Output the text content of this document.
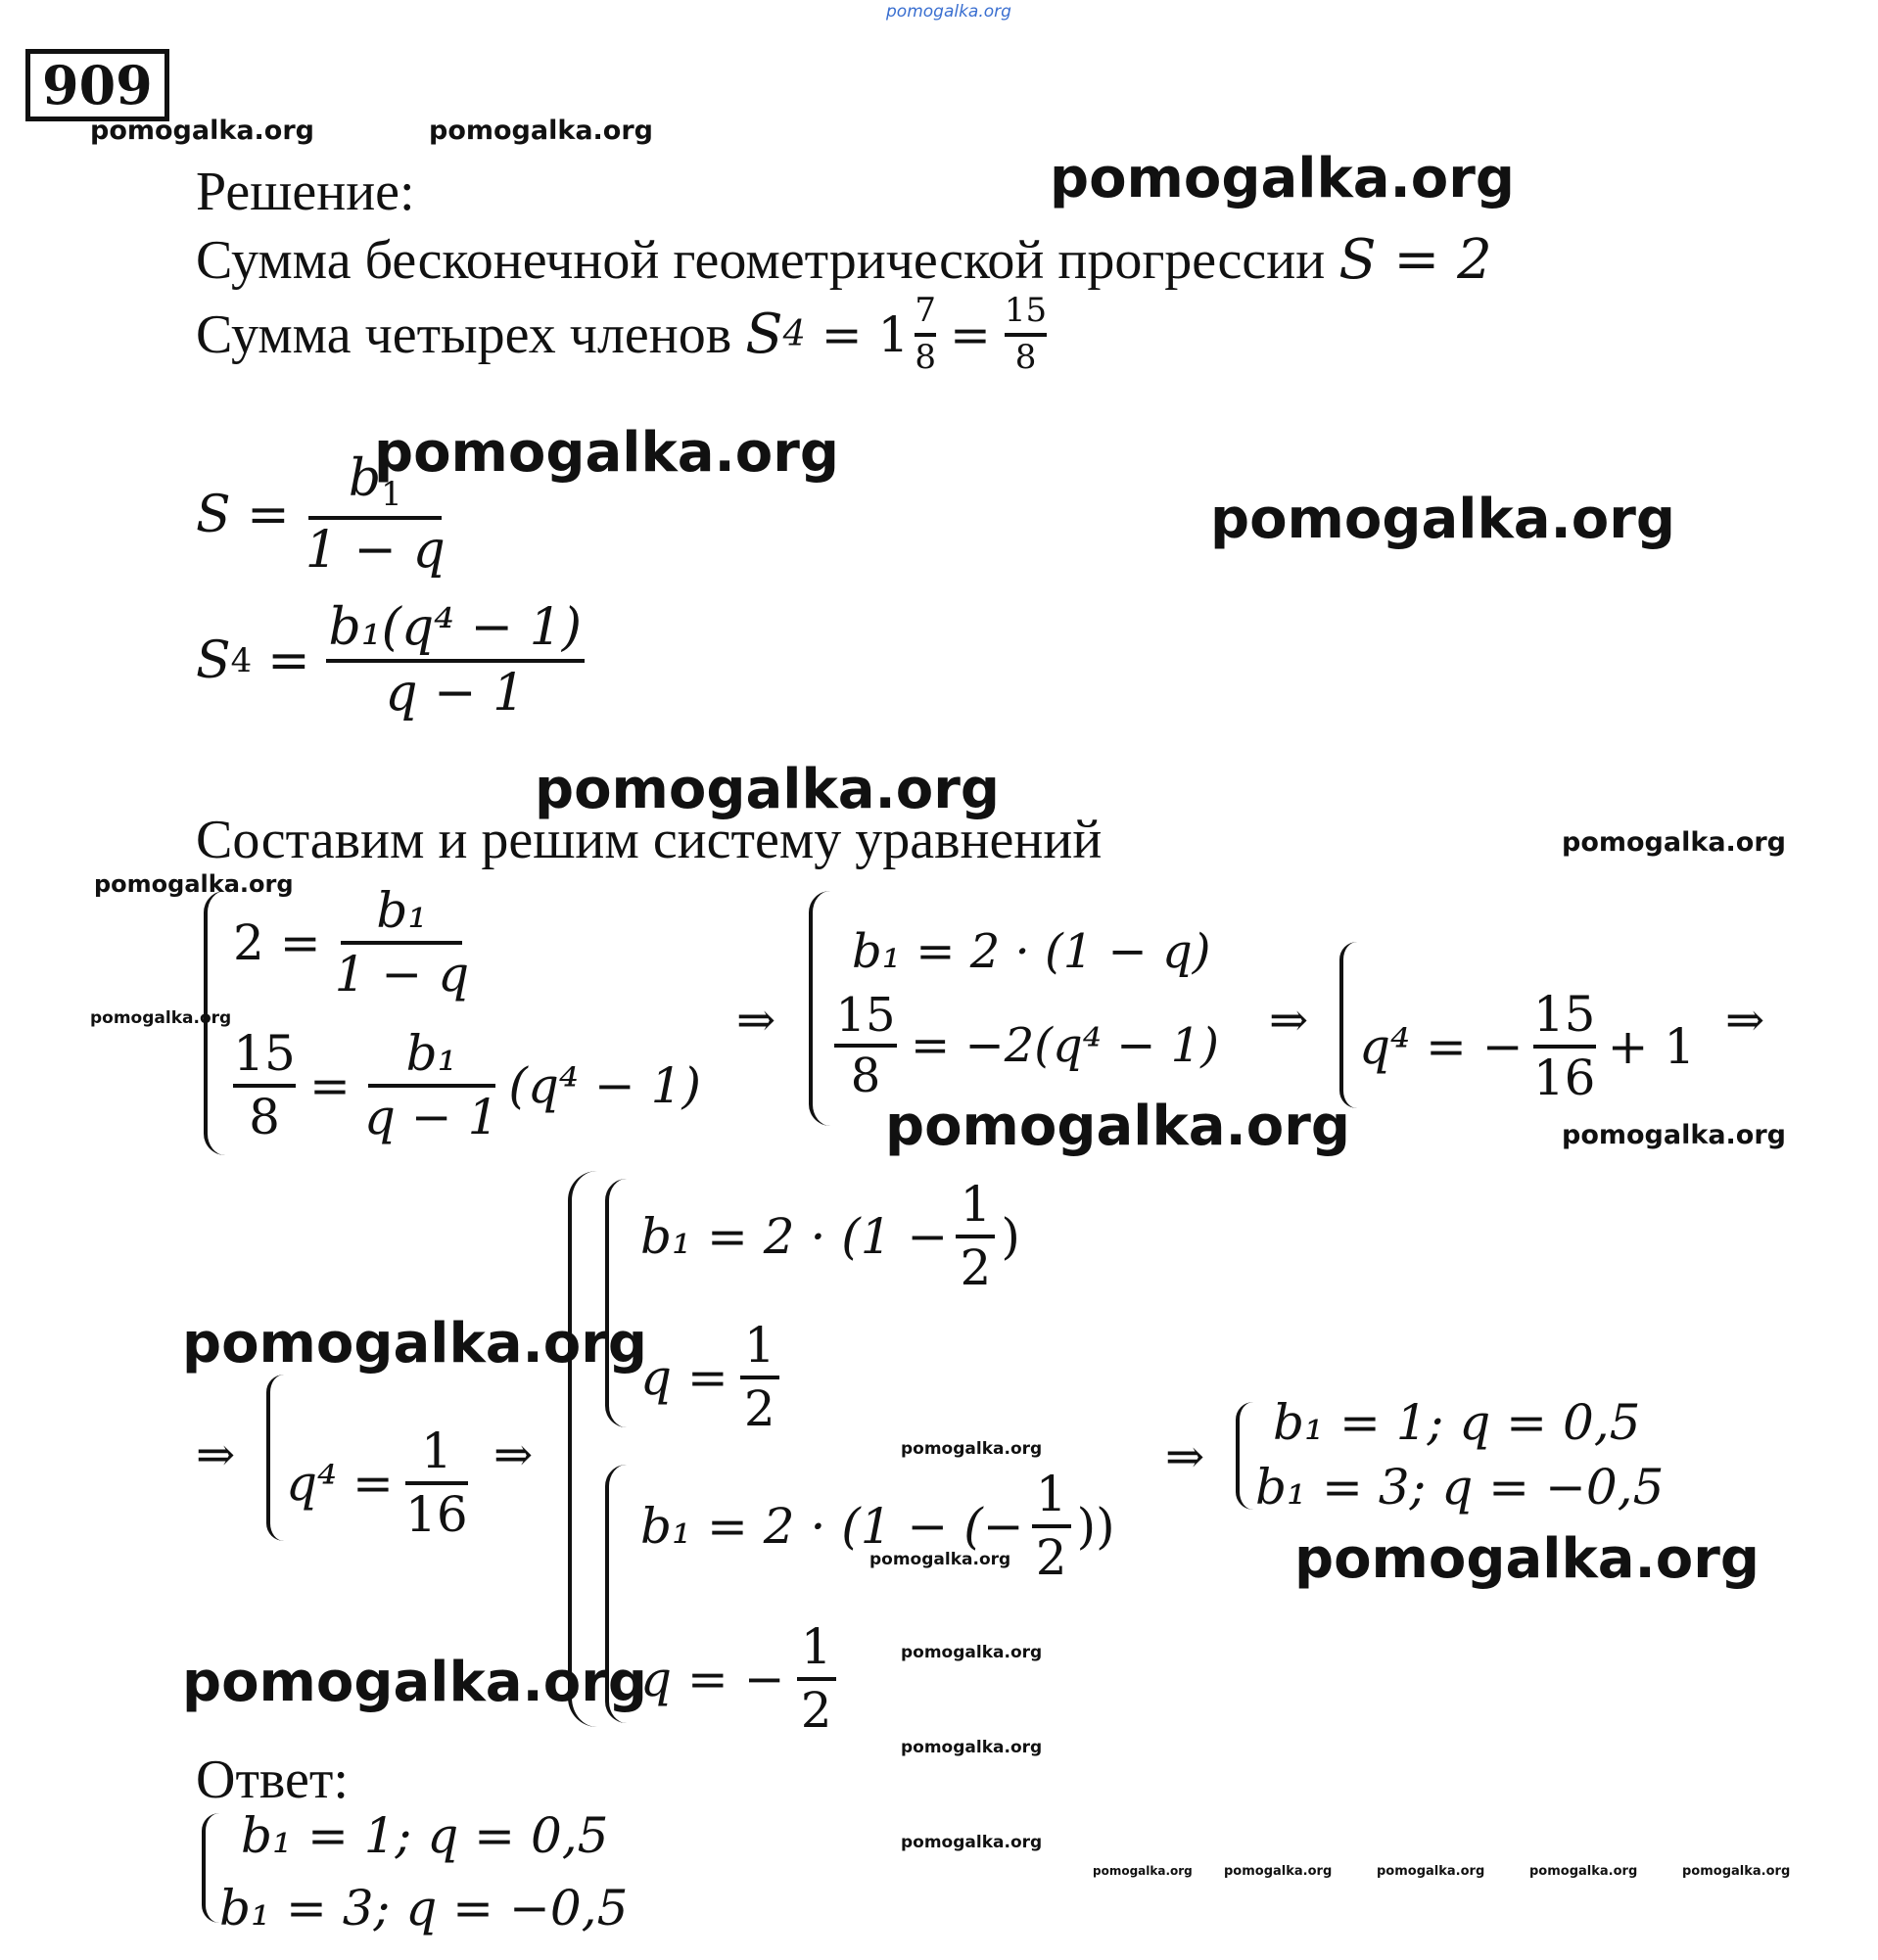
pomogalka.org
909
pomogalka.org	pomogalka.org
pomogalka.org
pomogalka.org
pomogalka.org
pomogalka.org
pomogalka.org
pomogalka.org
pomogalka.org
pomogalka.org	pomogalka.org
pomogalka.org
pomogalka.org
pomogalka.org	pomogalka.org
pomogalka.org
pomogalka.org
pomogalka.org
pomogalka.org
pomogalka.org pomogalka.org	pomogalka.org	pomogalka.org	pomogalka.org
Решение:
Сумма бесконечной геометрической прогрессии S = 2
Сумма четырех членов S $4 = 1 \frac{7}{8} = \frac{15}{8}$
$S = \frac{b_1}{1 - q}$
S $4 = \frac{\text{b₁(q⁴ − 1)}}{q - 1}$
Составим и решим систему уравнений
$2 = \frac{\text{b₁}}{1 - q}$
$\frac{15}{8} = \frac{\text{b₁}}{q - 1} (q^4 - 1)$
⇒
b₁ = 2 · (1 − q)
$\frac{15}{8} = -2(q^4 - 1)$ ⇒ q⁴ = − $\frac{15}{16} + 1$ ⇒
⇒ $q^4 = \frac{1}{16}$ ⇒
$b_1 = 2 \cdot (1 - \frac{1}{2}$ )
$q = \frac{1}{2}$
b₁ = 2 · (1 − (− $\frac{1}{2}$ ))
q = − $\frac{1}{2}$
⇒
b₁ = 1; q = 0,5
b₁ = 3; q = −0,5
Ответ:
b₁ = 1; q = 0,5
b₁ = 3; q = −0,5
